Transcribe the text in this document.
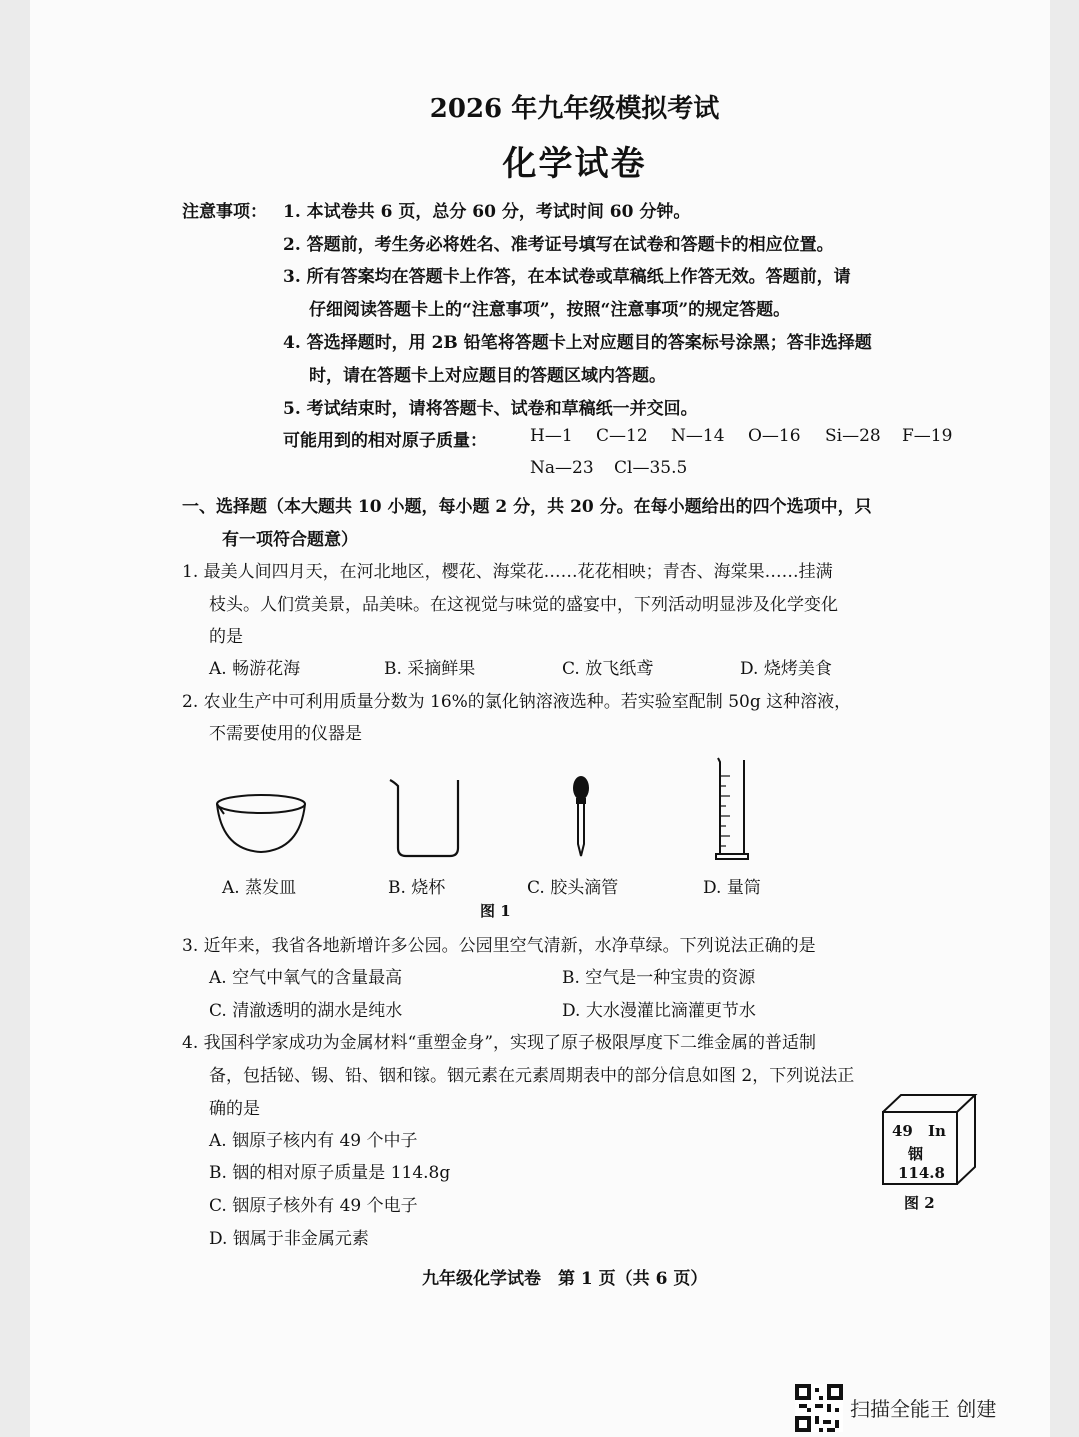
2026 年九年级模拟考试
化学试卷
注意事项： 1. 本试卷共 6 页，总分 60 分，考试时间 60 分钟。
2. 答题前，考生务必将姓名、准考证号填写在试卷和答题卡的相应位置。
3. 所有答案均在答题卡上作答，在本试卷或草稿纸上作答无效。答题前，请
仔细阅读答题卡上的“注意事项”，按照“注意事项”的规定答题。
4. 答选择题时，用 2B 铅笔将答题卡上对应题目的答案标号涂黑；答非选择题
时，请在答题卡上对应题目的答题区域内答题。
5. 考试结束时，请将答题卡、试卷和草稿纸一并交回。
可能用到的相对原子质量：	H—1 C—12 N—14 O—16 Si—28 F—19
Na—23 Cl—35.5
一、选择题（本大题共 10 小题，每小题 2 分，共 20 分。在每小题给出的四个选项中，只
有一项符合题意）
1. 最美人间四月天，在河北地区，樱花、海棠花……花花相映；青杏、海棠果……挂满
枝头。人们赏美景，品美味。在这视觉与味觉的盛宴中，下列活动明显涉及化学变化
的是
A. 畅游花海	B. 采摘鲜果	C. 放飞纸鸢	D. 烧烤美食
2. 农业生产中可利用质量分数为 16%的氯化钠溶液选种。若实验室配制 50g 这种溶液，
不需要使用的仪器是
A. 蒸发皿	B. 烧杯	C. 胶头滴管	D. 量筒
图 1
3. 近年来，我省各地新增许多公园。公园里空气清新，水净草绿。下列说法正确的是
A. 空气中氧气的含量最高	B. 空气是一种宝贵的资源
C. 清澈透明的湖水是纯水	D. 大水漫灌比滴灌更节水
4. 我国科学家成功为金属材料“重塑金身”，实现了原子极限厚度下二维金属的普适制
备，包括铋、锡、铅、铟和镓。铟元素在元素周期表中的部分信息如图 2，下列说法正
确的是
A. 铟原子核内有 49 个中子
B. 铟的相对原子质量是 114.8g
C. 铟原子核外有 49 个电子
D. 铟属于非金属元素
49 In
铟
114.8
图 2
九年级化学试卷　第 1 页（共 6 页）
扫描全能王 创建
